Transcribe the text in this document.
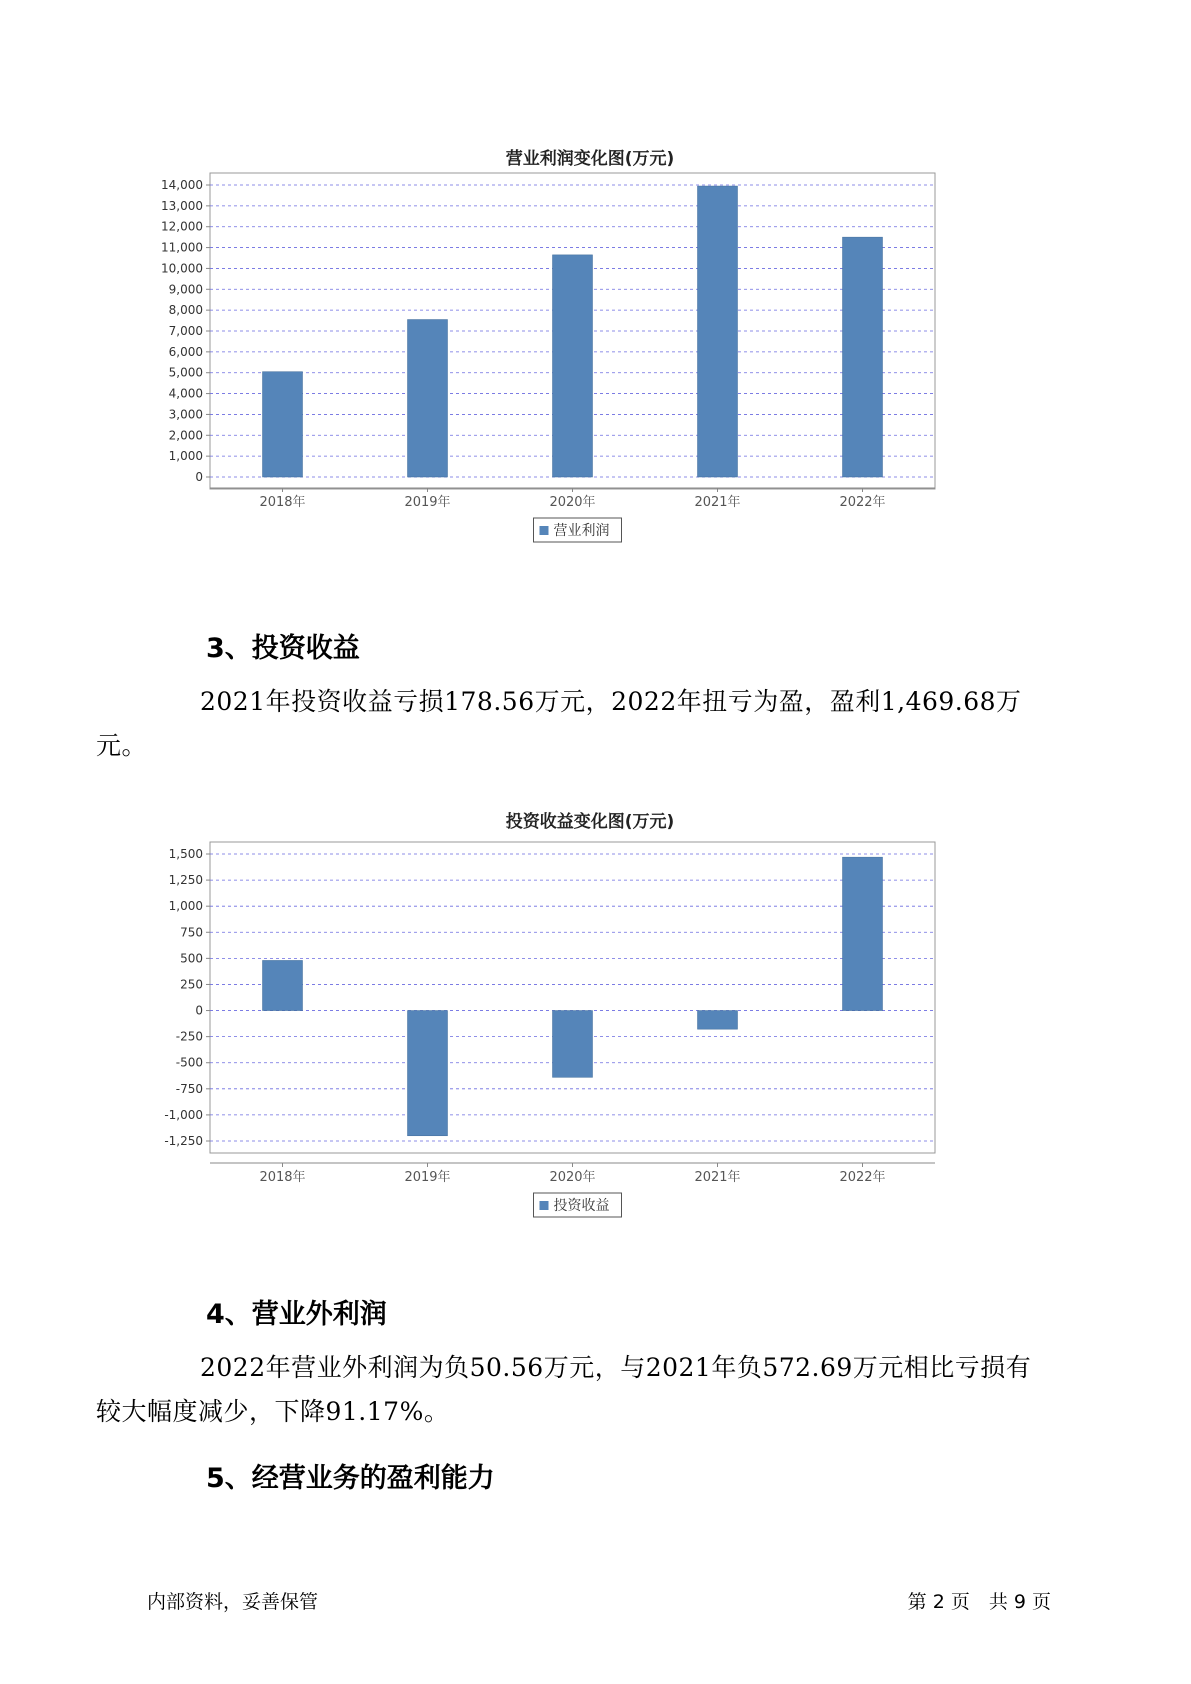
营业利润变化图(万元)
0
1,000
2,000
3,000
4,000
5,000
6,000
7,000
8,000
9,000
10,000
11,000
12,000
13,000
14,000
2018年	2019年	2020年	2021年	2022年
营业利润
3、投资收益
2021年投资收益亏损178.56万元，2022年扭亏为盈，盈利1,469.68万
元。
投资收益变化图(万元)
-1,250
-1,000
-750
-500
-250
0
250
500
750
1,000
1,250
1,500
2018年	2019年	2020年	2021年	2022年
投资收益
4、营业外利润
2022年营业外利润为负50.56万元，与2021年负572.69万元相比亏损有
较大幅度减少，下降91.17%。
5、经营业务的盈利能力
内部资料，妥善保管	第 2 页　共 9 页
